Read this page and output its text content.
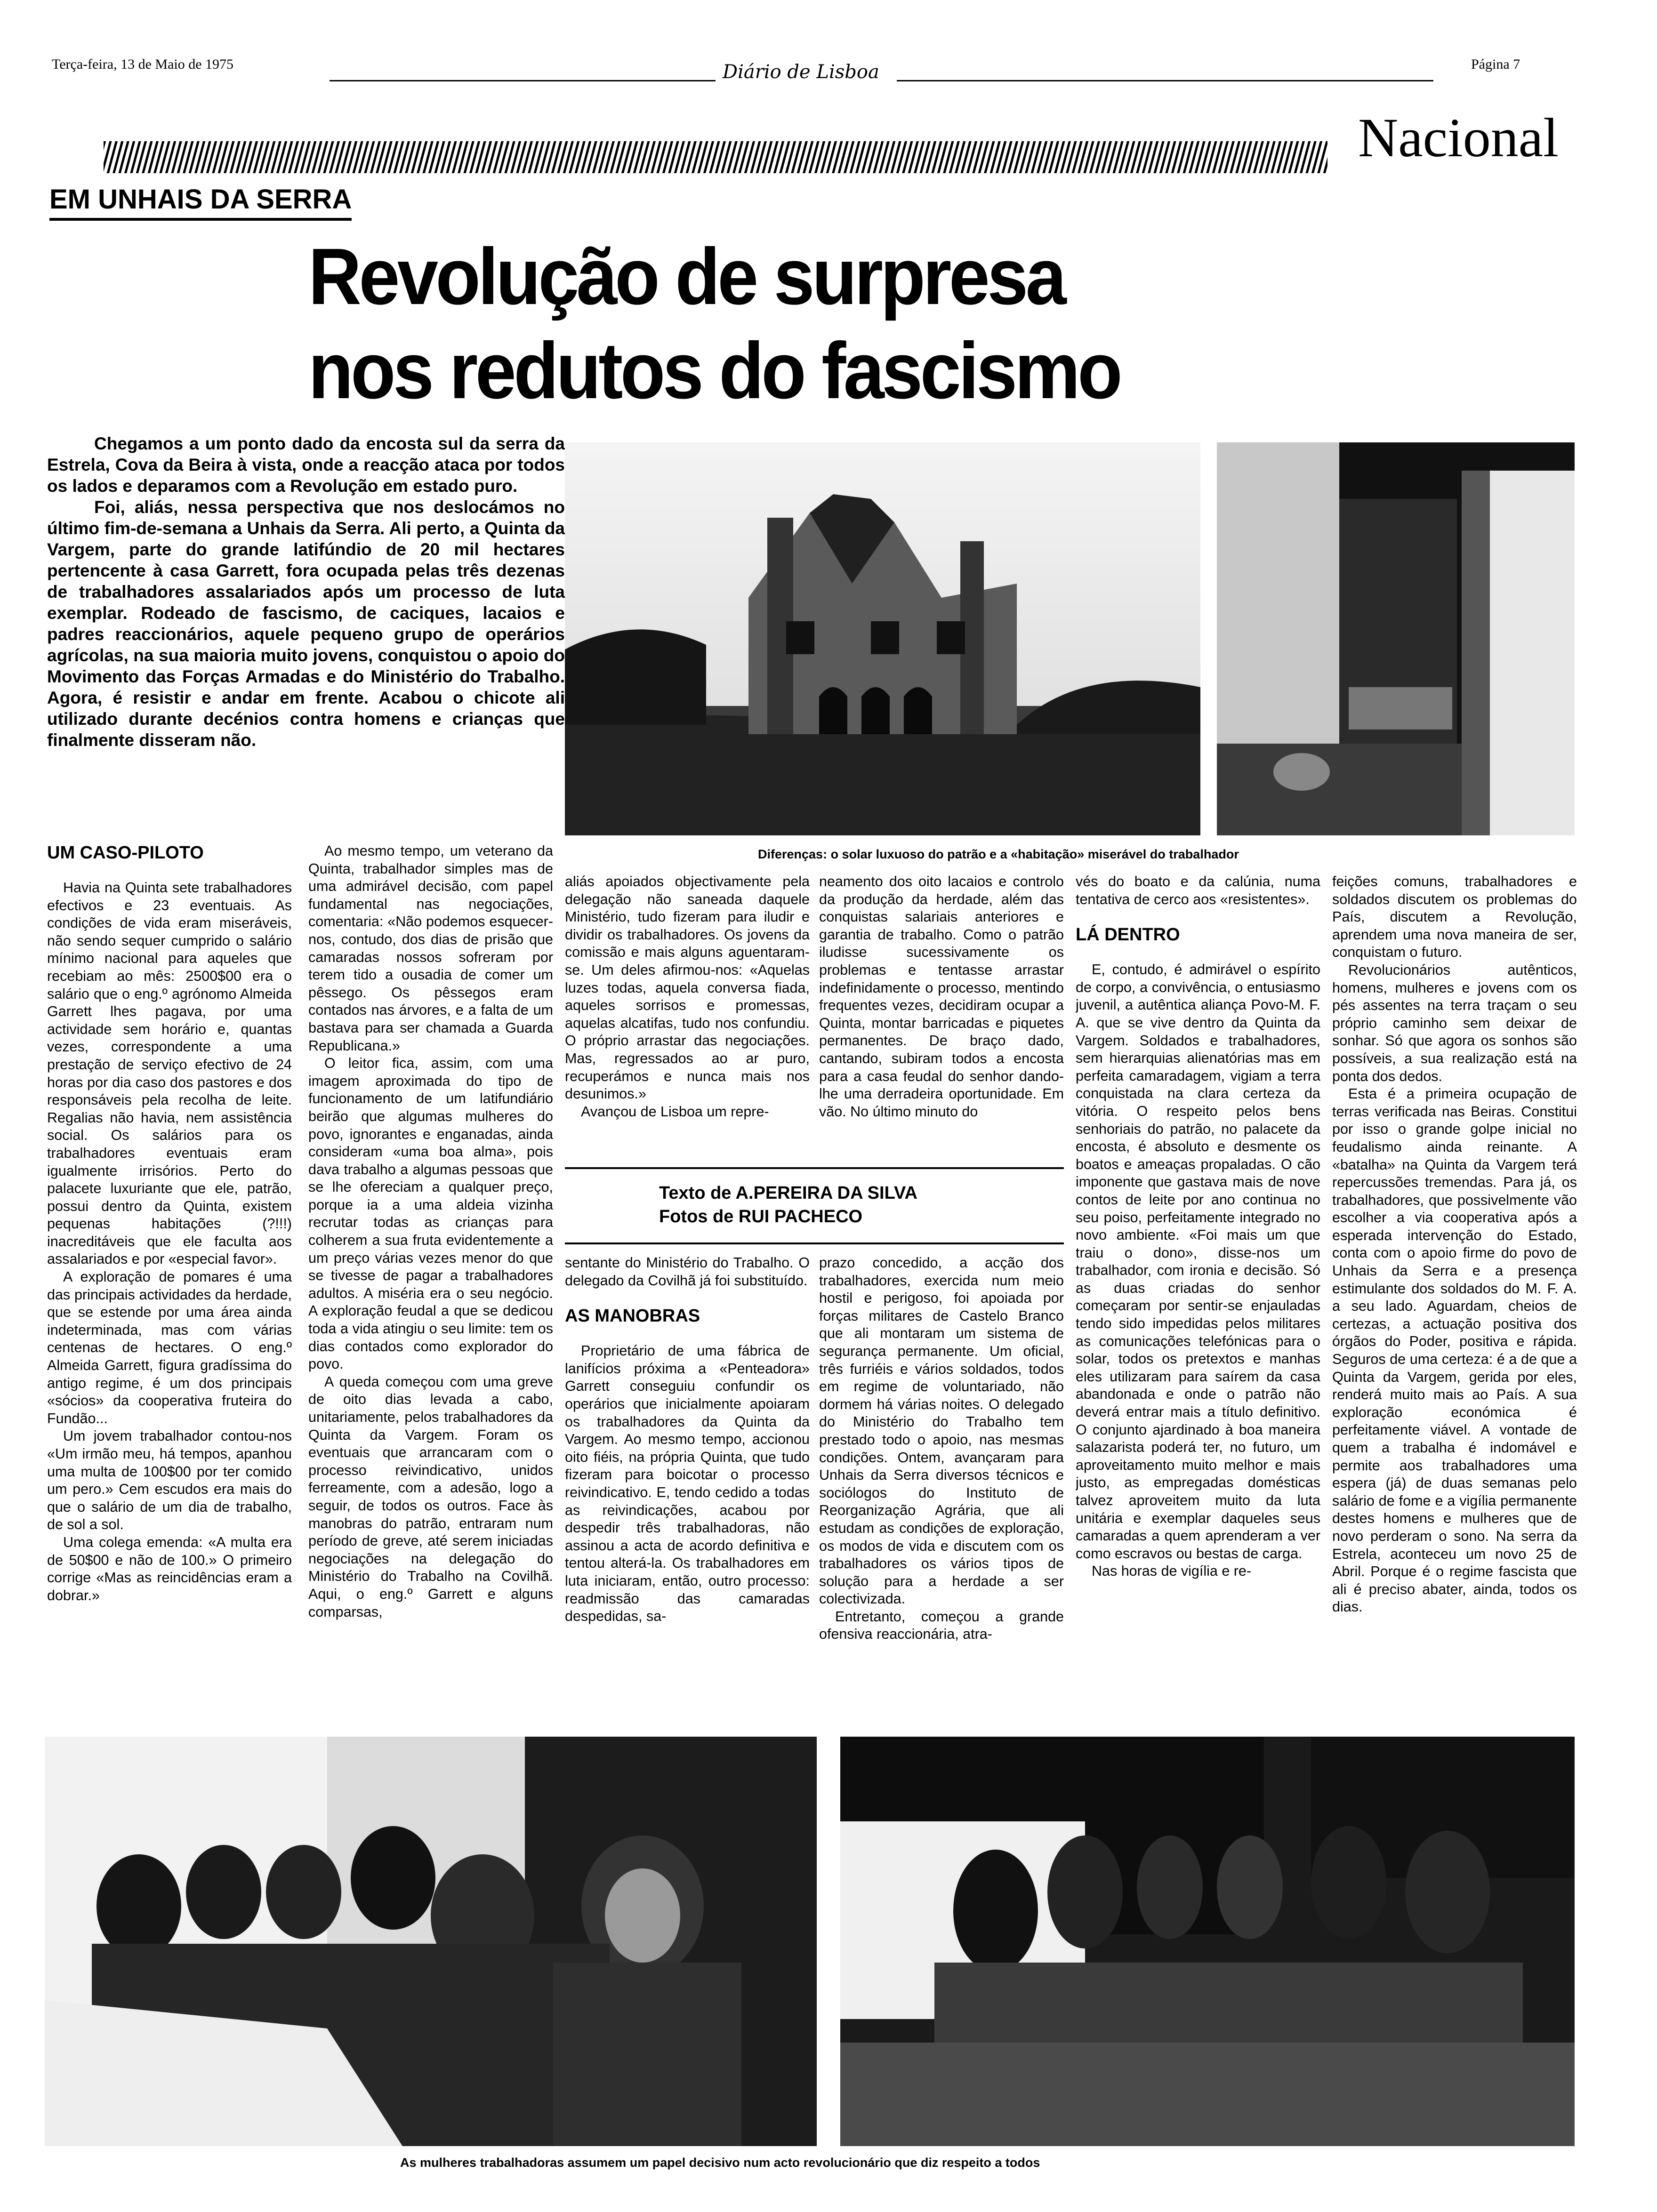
Terça-feira, 13 de Maio de 1975	Diário de Lisboa	Página 7
Nacional
EM UNHAIS DA SERRA
Revolução de surpresa
nos redutos do fascismo

Chegamos a um ponto dado da encosta sul da serra da Estrela, Cova da Beira à vista, onde a reacção ataca por todos os lados e deparamos com a Revolução em estado puro.

Foi, aliás, nessa perspectiva que nos deslocámos no último fim-de-semana a Unhais da Serra. Ali perto, a Quinta da Vargem, parte do grande latifúndio de 20 mil hectares pertencente à casa Garrett, fora ocupada pelas três dezenas de trabalhadores assalariados após um processo de luta exemplar. Rodeado de fascismo, de caciques, lacaios e padres reaccionários, aquele pequeno grupo de operários agrícolas, na sua maioria muito jovens, conquistou o apoio do Movimento das Forças Armadas e do Ministério do Trabalho. Agora, é resistir e andar em frente. Acabou o chicote ali utilizado durante decénios contra homens e crianças que finalmente disseram não.

Diferenças: o solar luxuoso do patrão e a «habitação» miserável do trabalhador
UM CASO-PILOTO

Havia na Quinta sete trabalhadores efectivos e 23 eventuais. As condições de vida eram miseráveis, não sendo sequer cumprido o salário mínimo nacional para aqueles que recebiam ao mês: 2500$00 era o salário que o eng.º agrónomo Almeida Garrett lhes pagava, por uma actividade sem horário e, quantas vezes, correspondente a uma prestação de serviço efectivo de 24 horas por dia caso dos pastores e dos responsáveis pela recolha de leite. Regalias não havia, nem assistência social. Os salários para os trabalhadores eventuais eram igualmente irrisórios. Perto do palacete luxuriante que ele, patrão, possui dentro da Quinta, existem pequenas habitações (?!!!) inacreditáveis que ele faculta aos assalariados e por «especial favor».

A exploração de pomares é uma das principais actividades da herdade, que se estende por uma área ainda indeterminada, mas com várias centenas de hectares. O eng.º Almeida Garrett, figura gradíssima do antigo regime, é um dos principais «sócios» da cooperativa fruteira do Fundão...

Um jovem trabalhador contou-nos «Um irmão meu, há tempos, apanhou uma multa de 100$00 por ter comido um pero.» Cem escudos era mais do que o salário de um dia de trabalho, de sol a sol.

Uma colega emenda: «A multa era de 50$00 e não de 100.» O primeiro corrige «Mas as reincidências eram a dobrar.»

Ao mesmo tempo, um veterano da Quinta, trabalhador simples mas de uma admirável decisão, com papel fundamental nas negociações, comentaria: «Não podemos esquecer-nos, contudo, dos dias de prisão que camaradas nossos sofreram por terem tido a ousadia de comer um pêssego. Os pêssegos eram contados nas árvores, e a falta de um bastava para ser chamada a Guarda Republicana.»

O leitor fica, assim, com uma imagem aproximada do tipo de funcionamento de um latifundiário beirão que algumas mulheres do povo, ignorantes e enganadas, ainda consideram «uma boa alma», pois dava trabalho a algumas pessoas que se lhe ofereciam a qualquer preço, porque ia a uma aldeia vizinha recrutar todas as crianças para colherem a sua fruta evidentemente a um preço várias vezes menor do que se tivesse de pagar a trabalhadores adultos. A miséria era o seu negócio. A exploração feudal a que se dedicou toda a vida atingiu o seu limite: tem os dias contados como explorador do povo.

A queda começou com uma greve de oito dias levada a cabo, unitariamente, pelos trabalhadores da Quinta da Vargem. Foram os eventuais que arrancaram com o processo reivindicativo, unidos ferreamente, com a adesão, logo a seguir, de todos os outros. Face às manobras do patrão, entraram num período de greve, até serem iniciadas negociações na delegação do Ministério do Trabalho na Covilhã. Aqui, o eng.º Garrett e alguns comparsas,

aliás apoiados objectivamente pela delegação não saneada daquele Ministério, tudo fizeram para iludir e dividir os trabalhadores. Os jovens da comissão e mais alguns aguentaram-se. Um deles afirmou-nos: «Aquelas luzes todas, aquela conversa fiada, aqueles sorrisos e promessas, aquelas alcatifas, tudo nos confundiu. O próprio arrastar das negociações. Mas, regressados ao ar puro, recuperámos e nunca mais nos desunimos.»

Avançou de Lisboa um repre-

neamento dos oito lacaios e controlo da produção da herdade, além das conquistas salariais anteriores e garantia de trabalho. Como o patrão iludisse sucessivamente os problemas e tentasse arrastar indefinidamente o processo, mentindo frequentes vezes, decidiram ocupar a Quinta, montar barricadas e piquetes permanentes. De braço dado, cantando, subiram todos a encosta para a casa feudal do senhor dando-lhe uma derradeira oportunidade. Em vão. No último minuto do

Texto de A.PEREIRA DA SILVA
Fotos de RUI PACHECO

sentante do Ministério do Trabalho. O delegado da Covilhã já foi substituído.

AS MANOBRAS

Proprietário de uma fábrica de lanifícios próxima a «Penteadora» Garrett conseguiu confundir os operários que inicialmente apoiaram os trabalhadores da Quinta da Vargem. Ao mesmo tempo, accionou oito fiéis, na própria Quinta, que tudo fizeram para boicotar o processo reivindicativo. E, tendo cedido a todas as reivindicações, acabou por despedir três trabalhadoras, não assinou a acta de acordo definitiva e tentou alterá-la. Os trabalhadores em luta iniciaram, então, outro processo: readmissão das camaradas despedidas, sa-

prazo concedido, a acção dos trabalhadores, exercida num meio hostil e perigoso, foi apoiada por forças militares de Castelo Branco que ali montaram um sistema de segurança permanente. Um oficial, três furriéis e vários soldados, todos em regime de voluntariado, não dormem há várias noites. O delegado do Ministério do Trabalho tem prestado todo o apoio, nas mesmas condições. Ontem, avançaram para Unhais da Serra diversos técnicos e sociólogos do Instituto de Reorganização Agrária, que ali estudam as condições de exploração, os modos de vida e discutem com os trabalhadores os vários tipos de solução para a herdade a ser colectivizada.

Entretanto, começou a grande ofensiva reaccionária, atra-

vés do boato e da calúnia, numa tentativa de cerco aos «resistentes».

LÁ DENTRO

E, contudo, é admirável o espírito de corpo, a convivência, o entusiasmo juvenil, a autêntica aliança Povo-M. F. A. que se vive dentro da Quinta da Vargem. Soldados e trabalhadores, sem hierarquias alienatórias mas em perfeita camaradagem, vigiam a terra conquistada na clara certeza da vitória. O respeito pelos bens senhoriais do patrão, no palacete da encosta, é absoluto e desmente os boatos e ameaças propaladas. O cão imponente que gastava mais de nove contos de leite por ano continua no seu poiso, perfeitamente integrado no novo ambiente. «Foi mais um que traiu o dono», disse-nos um trabalhador, com ironia e decisão. Só as duas criadas do senhor começaram por sentir-se enjauladas tendo sido impedidas pelos militares as comunicações telefónicas para o solar, todos os pretextos e manhas eles utilizaram para saírem da casa abandonada e onde o patrão não deverá entrar mais a título definitivo. O conjunto ajardinado à boa maneira salazarista poderá ter, no futuro, um aproveitamento muito melhor e mais justo, as empregadas domésticas talvez aproveitem muito da luta unitária e exemplar daqueles seus camaradas a quem aprenderam a ver como escravos ou bestas de carga.

Nas horas de vigília e re-

feições comuns, trabalhadores e soldados discutem os problemas do País, discutem a Revolução, aprendem uma nova maneira de ser, conquistam o futuro.

Revolucionários autênticos, homens, mulheres e jovens com os pés assentes na terra traçam o seu próprio caminho sem deixar de sonhar. Só que agora os sonhos são possíveis, a sua realização está na ponta dos dedos.

Esta é a primeira ocupação de terras verificada nas Beiras. Constitui por isso o grande golpe inicial no feudalismo ainda reinante. A «batalha» na Quinta da Vargem terá repercussões tremendas. Para já, os trabalhadores, que possivelmente vão escolher a via cooperativa após a esperada intervenção do Estado, conta com o apoio firme do povo de Unhais da Serra e a presença estimulante dos soldados do M. F. A. a seu lado. Aguardam, cheios de certezas, a actuação positiva dos órgãos do Poder, positiva e rápida. Seguros de uma certeza: é a de que a Quinta da Vargem, gerida por eles, renderá muito mais ao País. A sua exploração económica é perfeitamente viável. A vontade de quem a trabalha é indomável e permite aos trabalhadores uma espera (já) de duas semanas pelo salário de fome e a vigília permanente destes homens e mulheres que de novo perderam o sono. Na serra da Estrela, aconteceu um novo 25 de Abril. Porque é o regime fascista que ali é preciso abater, ainda, todos os dias.

As mulheres trabalhadoras assumem um papel decisivo num acto revolucionário que diz respeito a todos
